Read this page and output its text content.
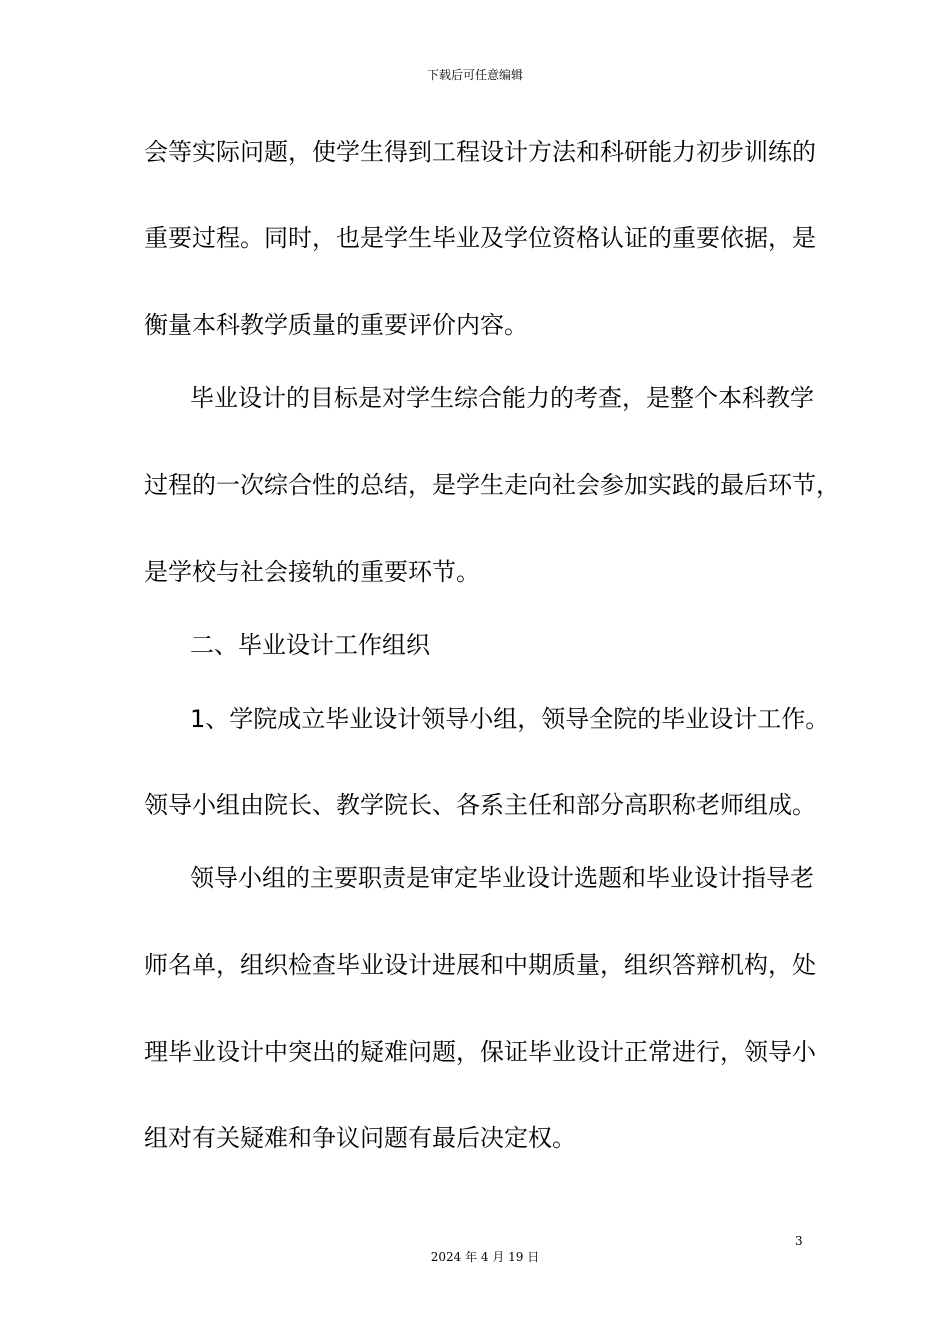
下载后可任意编辑
会等实际问题，使学生得到工程设计方法和科研能力初步训练的
重要过程。同时，也是学生毕业及学位资格认证的重要依据，是
衡量本科教学质量的重要评价内容。
毕业设计的目标是对学生综合能力的考查，是整个本科教学
过程的一次综合性的总结，是学生走向社会参加实践的最后环节，
是学校与社会接轨的重要环节。
二、毕业设计工作组织
1、学院成立毕业设计领导小组，领导全院的毕业设计工作。
领导小组由院长、教学院长、各系主任和部分高职称老师组成。
领导小组的主要职责是审定毕业设计选题和毕业设计指导老
师名单，组织检查毕业设计进展和中期质量，组织答辩机构，处
理毕业设计中突出的疑难问题，保证毕业设计正常进行，领导小
组对有关疑难和争议问题有最后决定权。
3
2024 年 4 月 19 日
